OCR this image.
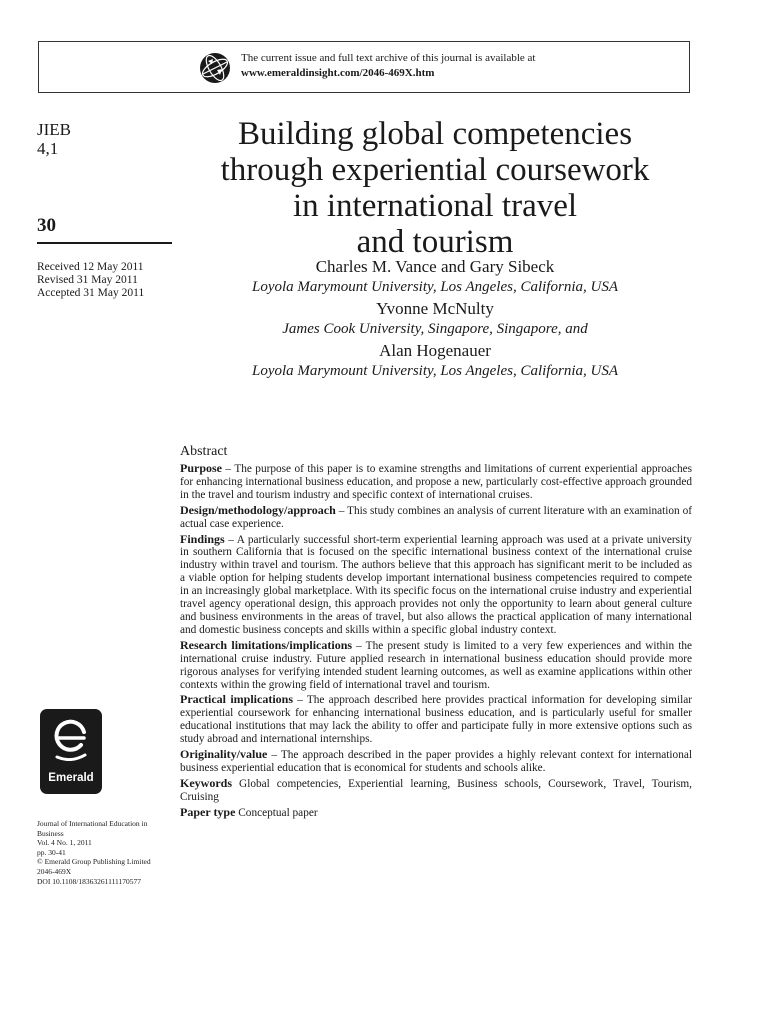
The current issue and full text archive of this journal is available at
www.emeraldinsight.com/2046-469X.htm
JIEB
4,1
30
Received 12 May 2011
Revised 31 May 2011
Accepted 31 May 2011
Building global competencies
through experiential coursework
in international travel
and tourism
Charles M. Vance and Gary Sibeck
Loyola Marymount University, Los Angeles, California, USA
Yvonne McNulty
James Cook University, Singapore, Singapore, and
Alan Hogenauer
Loyola Marymount University, Los Angeles, California, USA
Emerald
Journal of International Education in
Business
Vol. 4 No. 1, 2011
pp. 30-41
© Emerald Group Publishing Limited
2046-469X
DOI 10.1108/18363261111170577
Abstract
Purpose – The purpose of this paper is to examine strengths and limitations of current experiential approaches for enhancing international business education, and propose a new, particularly cost-effective approach grounded in the travel and tourism industry and specific context of international cruises.
Design/methodology/approach – This study combines an analysis of current literature with an examination of actual case experience.
Findings – A particularly successful short-term experiential learning approach was used at a private university in southern California that is focused on the specific international business context of the international cruise industry within travel and tourism. The authors believe that this approach has significant merit to be included as a viable option for helping students develop important international business competencies required to compete in an increasingly global marketplace. With its specific focus on the international cruise industry and experiential travel agency operational design, this approach provides not only the opportunity to learn about general culture and business environments in the areas of travel, but also allows the practical application of many international and domestic business concepts and skills within a specific global industry context.
Research limitations/implications – The present study is limited to a very few experiences and within the international cruise industry. Future applied research in international business education should provide more rigorous analyses for verifying intended student learning outcomes, as well as examine applications within other contexts within the growing field of international travel and tourism.
Practical implications – The approach described here provides practical information for developing similar experiential coursework for enhancing international business education, and is particularly useful for smaller educational institutions that may lack the ability to offer and participate fully in more extensive options such as study abroad and international internships.
Originality/value – The approach described in the paper provides a highly relevant context for international business experiential education that is economical for students and schools alike.
Keywords Global competencies, Experiential learning, Business schools, Coursework, Travel, Tourism, Cruising
Paper type Conceptual paper
